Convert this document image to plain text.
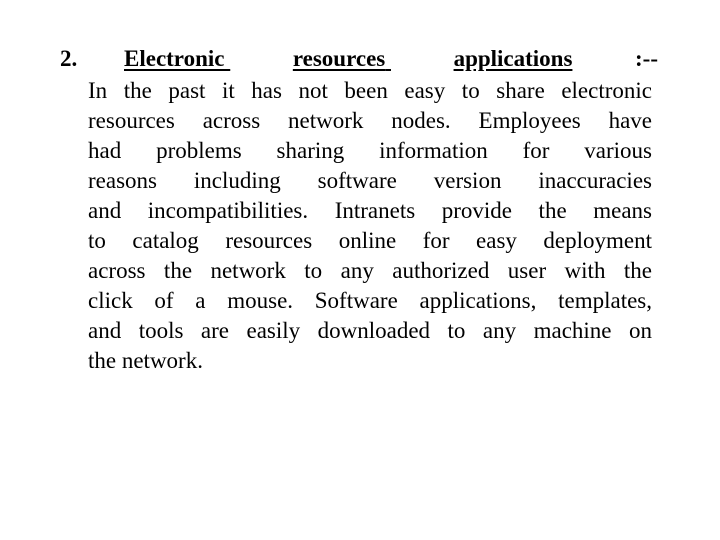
2. Electronic	resources	applications	:--
In the past it has not been easy to share electronic
resources across network nodes. Employees have
had problems sharing information for various
reasons including software version inaccuracies
and incompatibilities. Intranets provide the means
to catalog resources online for easy deployment
across the network to any authorized user with the
click of a mouse. Software applications, templates,
and tools are easily downloaded to any machine on
the network.
